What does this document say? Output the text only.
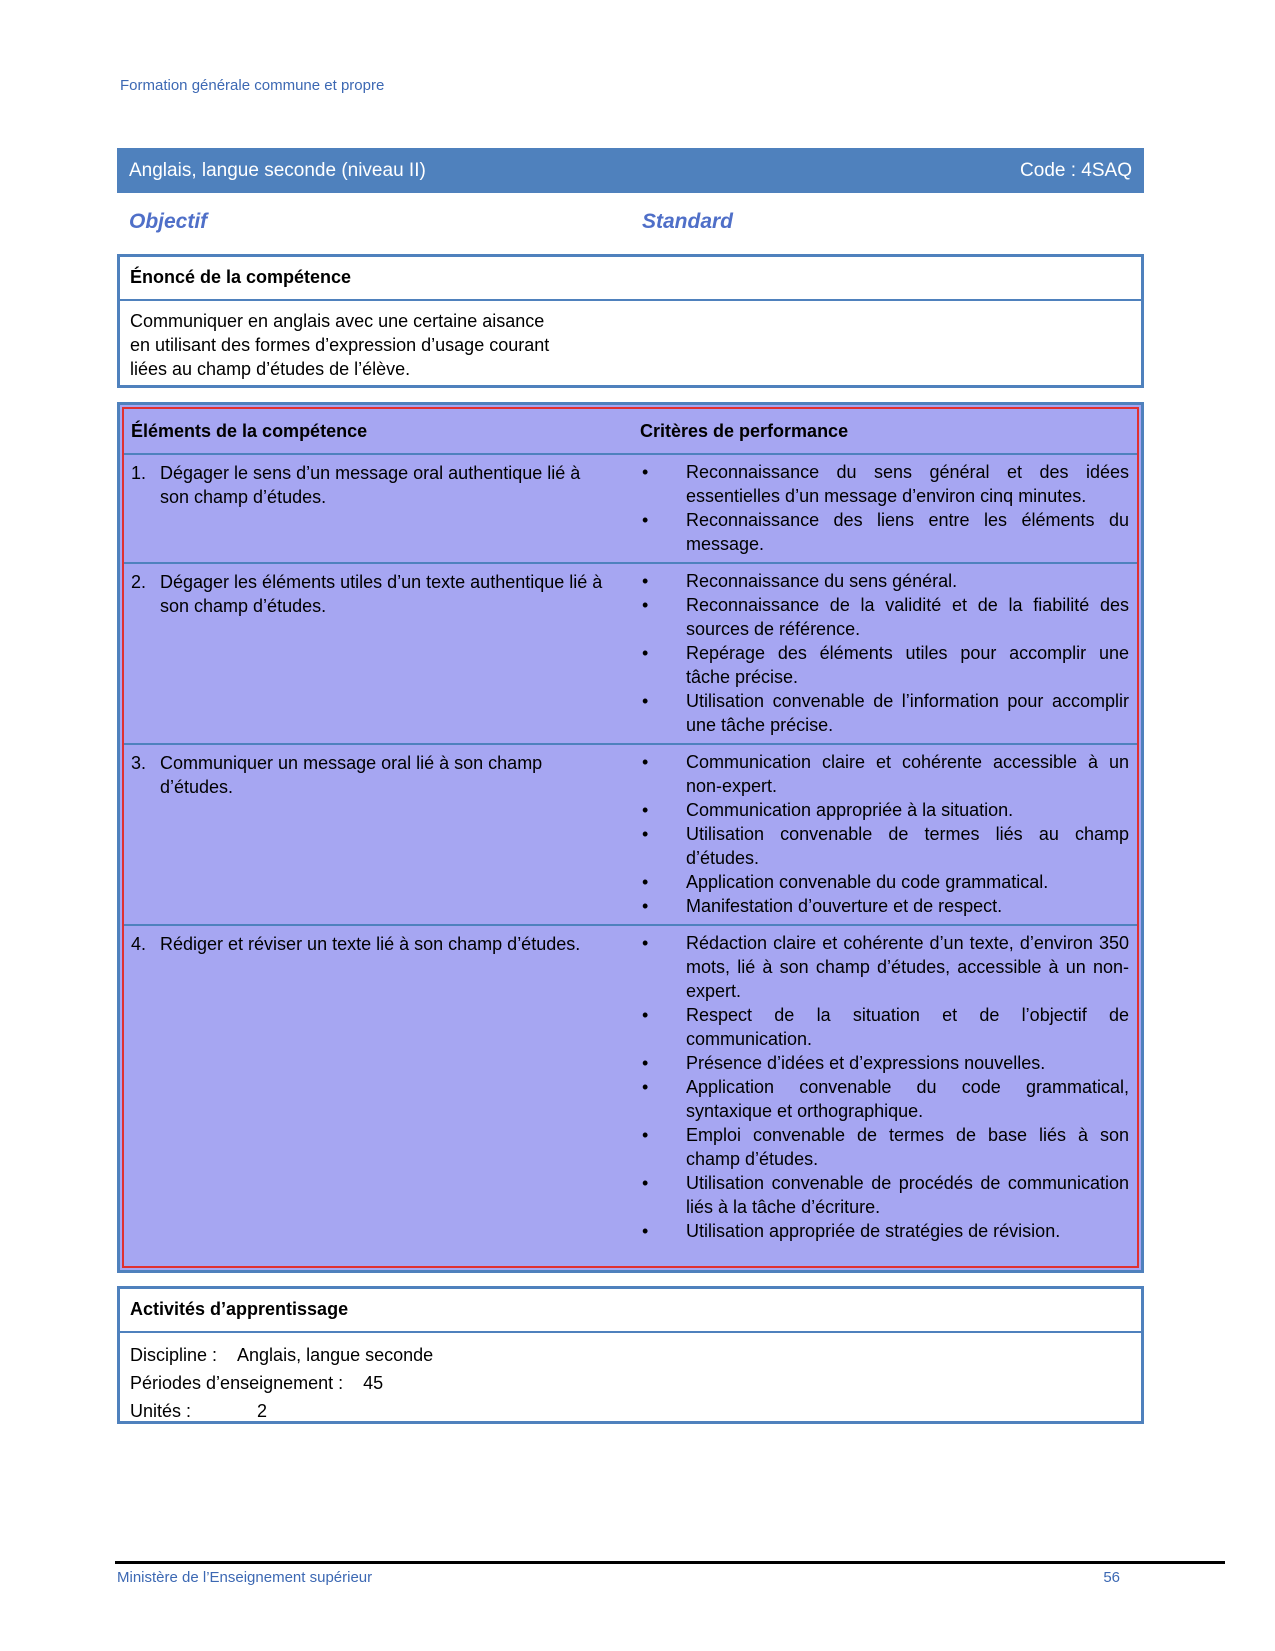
Formation générale commune et propre
Anglais, langue seconde (niveau II)	Code : 4SAQ
Objectif	Standard
Énoncé de la compétence
Communiquer en anglais avec une certaine aisance
en utilisant des formes d’expression d’usage courant
liées au champ d’études de l’élève.
Éléments de la compétence	Critères de performance
1. Dégager le sens d’un message oral authentique lié à son champ d’études.
•	Reconnaissance du sens général et des idées essentielles d’un message d’environ cinq minutes.
•	Reconnaissance des liens entre les éléments du message.
2. Dégager les éléments utiles d’un texte authentique lié à son champ d’études.
•	Reconnaissance du sens général.
•	Reconnaissance de la validité et de la fiabilité des sources de référence.
•	Repérage des éléments utiles pour accomplir une tâche précise.
•	Utilisation convenable de l’information pour accomplir une tâche précise.
3. Communiquer un message oral lié à son champ d’études.
•	Communication claire et cohérente accessible à un non-expert.
•	Communication appropriée à la situation.
•	Utilisation convenable de termes liés au champ d’études.
•	Application convenable du code grammatical.
•	Manifestation d’ouverture et de respect.
4. Rédiger et réviser un texte lié à son champ d’études.	•	Rédaction claire et cohérente d’un texte, d’environ 350 mots, lié à son champ d’études, accessible à un non-expert.
•	Respect de la situation et de l’objectif de communication.
•	Présence d’idées et d’expressions nouvelles.
•	Application convenable du code grammatical, syntaxique et orthographique.
•	Emploi convenable de termes de base liés à son champ d’études.
•	Utilisation convenable de procédés de communication liés à la tâche d’écriture.
•	Utilisation appropriée de stratégies de révision.
Activités d’apprentissage
Discipline :	Anglais, langue seconde
Périodes d’enseignement :	45
Unités :	2
Ministère de l’Enseignement supérieur	56
